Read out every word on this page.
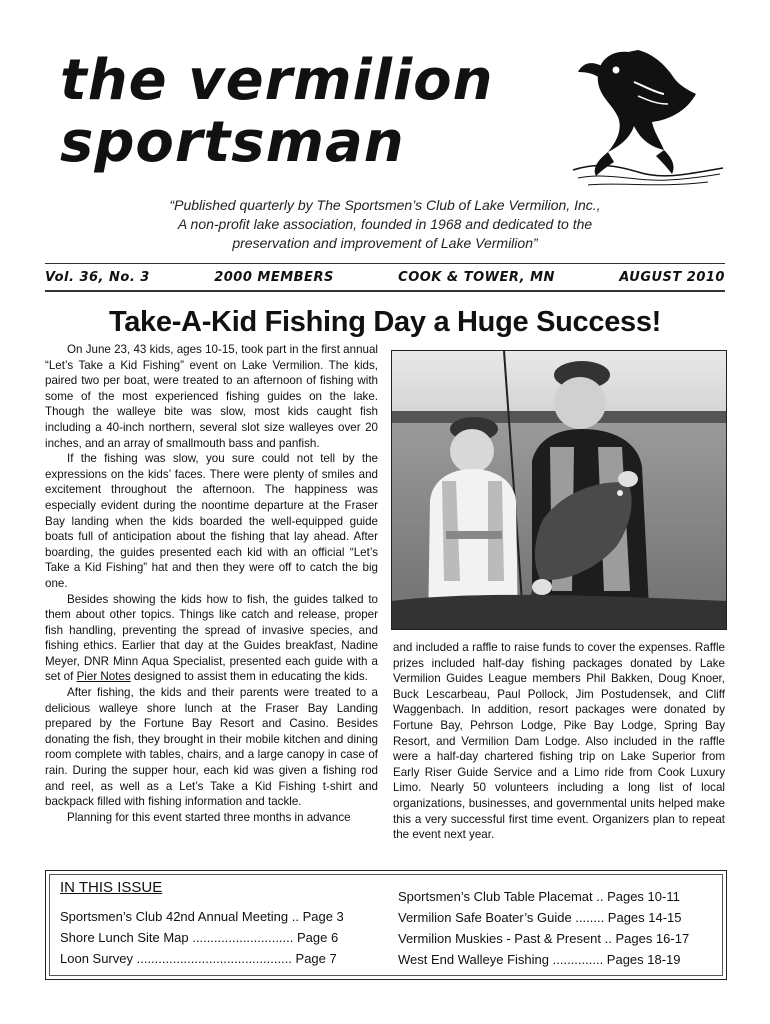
the vermilion
sportsman
“Published quarterly by The Sportsmen’s Club of Lake Vermilion, Inc.,
A non-profit lake association, founded in 1968 and dedicated to the
preservation and improvement of Lake Vermilion”
Vol. 36, No. 3	2000 MEMBERS	COOK & TOWER, MN	AUGUST 2010
Take-A-Kid Fishing Day a Huge Success!

On June 23, 43 kids, ages 10-15, took part in the first annual “Let’s Take a Kid Fishing” event on Lake Vermilion. The kids, paired two per boat, were treated to an afternoon of fishing with some of the most experienced fishing guides on the lake. Though the walleye bite was slow, most kids caught fish including a 40-inch northern, several slot size walleyes over 20 inches, and an array of smallmouth bass and panfish.

If the fishing was slow, you sure could not tell by the expressions on the kids’ faces. There were plenty of smiles and excitement throughout the afternoon. The happiness was especially evident during the noontime departure at the Fraser Bay landing when the kids boarded the well-equipped guide boats full of anticipation about the fishing that lay ahead. After boarding, the guides presented each kid with an official “Let’s Take a Kid Fishing” hat and then they were off to catch the big one.

Besides showing the kids how to fish, the guides talked to them about other topics. Things like catch and release, proper fish handling, preventing the spread of invasive species, and fishing ethics. Earlier that day at the Guides breakfast, Nadine Meyer, DNR Minn Aqua Specialist, presented each guide with a set of Pier Notes designed to assist them in educating the kids.

After fishing, the kids and their parents were treated to a delicious walleye shore lunch at the Fraser Bay Landing prepared by the Fortune Bay Resort and Casino. Besides donating the fish, they brought in their mobile kitchen and dining room complete with tables, chairs, and a large canopy in case of rain. During the supper hour, each kid was given a fishing rod and reel, as well as a Let’s Take a Kid Fishing t-shirt and backpack filled with fishing information and tackle.

Planning for this event started three months in advance

and included a raffle to raise funds to cover the expenses. Raffle prizes included half-day fishing packages donated by Lake Vermilion Guides League members Phil Bakken, Doug Knoer, Buck Lescarbeau, Paul Pollock, Jim Postudensek, and Cliff Waggenbach. In addition, resort packages were donated by Fortune Bay, Pehrson Lodge, Pike Bay Lodge, Spring Bay Resort, and Vermilion Dam Lodge. Also included in the raffle were a half-day chartered fishing trip on Lake Superior from Early Riser Guide Service and a Limo ride from Cook Luxury Limo. Nearly 50 volunteers including a long list of local organizations, businesses, and governmental units helped make this a very successful first time event. Organizers plan to repeat the event next year.

IN THIS ISSUE
Sportsmen’s Club 42nd Annual Meeting .. Page 3
Shore Lunch Site Map ............................ Page 6
Loon Survey ........................................... Page 7
Sportsmen’s Club Table Placemat .. Pages 10-11
Vermilion Safe Boater’s Guide ........ Pages 14-15
Vermilion Muskies - Past & Present .. Pages 16-17
West End Walleye Fishing .............. Pages 18-19
